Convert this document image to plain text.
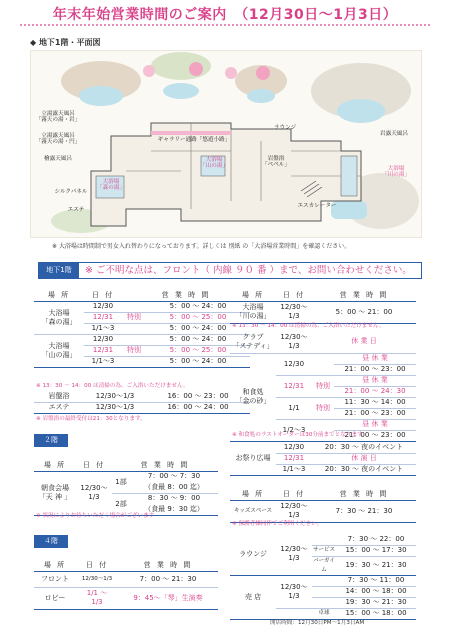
年末年始営業時間のご案内　（12月30日～1月3日）
◆ 地下1階・平面図
立湯露天風呂
「霧天の湯・岩」
立湯露天風呂
「霧天の湯・円」
檜露天風呂
大浴場
「森の湯」
大浴場
「山の湯」	大浴場
「川の湯」
岩盤浴
「ペペル」
岩露天風呂
ギャラリー通路「悠遊小路」
シルクパネル
ラウンジ
エステ
エスカレーター
※ 大浴場は時間制で男女入れ替わりになっております。詳しくは 別紙 の「大浴場営業時間」を確認ください。
地下1階	※ ご不明な点は、フロント（ 内線 ９０ 番 ）まで、お問い合わせください。
場 所	日 付	営 業 時 間	
大浴場
「森の湯」	12/30		5：00 ～ 24：00
	12/31	特別	5：00 ～ 25：00
	1/1～3		5：00 ～ 24：00
大浴場
「山の湯」	12/30		5：00 ～ 24：00
	12/31	特別	5：00 ～ 25：00
	1/1～3		5：00 ～ 24：00
※ 13：30 ～ 14：00 は清掃の為、ご入浴いただけません。
岩盤浴	12/30～1/3	16：00 ～ 23：00
エステ	12/30～1/3	16：00 ～ 24：00
※ 岩盤浴の最終受付は21：30となります。
場 所	日 付	営 業 時 間
大浴場
「川の湯」	12/30～
1/3	5：00 ～ 21：00
※ 13：30 ～ 14：00 は清掃の為、ご入浴いただけません。
クラブ
「ステディ」	12/30～
1/3	休 業 日	
和食処
「金の砂」	12/30		昼 休 業
			21：00 ～ 23：00
	12/31	特別	昼 休 業
			21：00 ～ 24：30
	1/1	特別	11：30 ～ 14：00
			21：00 ～ 23：00
	1/2～3		昼 休 業
			21：00 ～ 23：00
※ 和食処のラストオーダーは30分前までとなります。
２階
場 所	日 付	営 業 時 間	
朝食会場
「天 神 」	12/30～
1/3	1部	7：00 ～ 7：30
			（食最 8：00 迄）
		2部	8：30 ～ 9：00
			（食最 9：30 迄）
※ 状況によりお待ちいただく場合がございます
お祭り広場	12/30	20：30 ～ 夜のイベント
	12/31	休 演 日
	1/1～3	20：30 ～ 夜のイベント
場 所	日 付	営 業 時 間
キッズスペース	12/30～
1/3	7：30 ～ 21：30
※ 保護者様同伴でご利用ください。
４階
場 所	日 付	営 業 時 間
フロント	12/30～1/3	7：00 ～ 21：30
ロビー	1/1 ～
1/3	9：45～「琴」生演奏
ラウンジ	12/30～
1/3		7：30 ～ 22：00
		サービス	15：00 ～ 17：30
		バーガイム	19：30 ～ 21：30
売 店	12/30～
1/3		7：30 ～ 11：00
			14：00 ～ 18：00
			19：30 ～ 21：30
		卓球	15：00 ～ 18：00
開店時間：12月30日PM～1月3日AM
